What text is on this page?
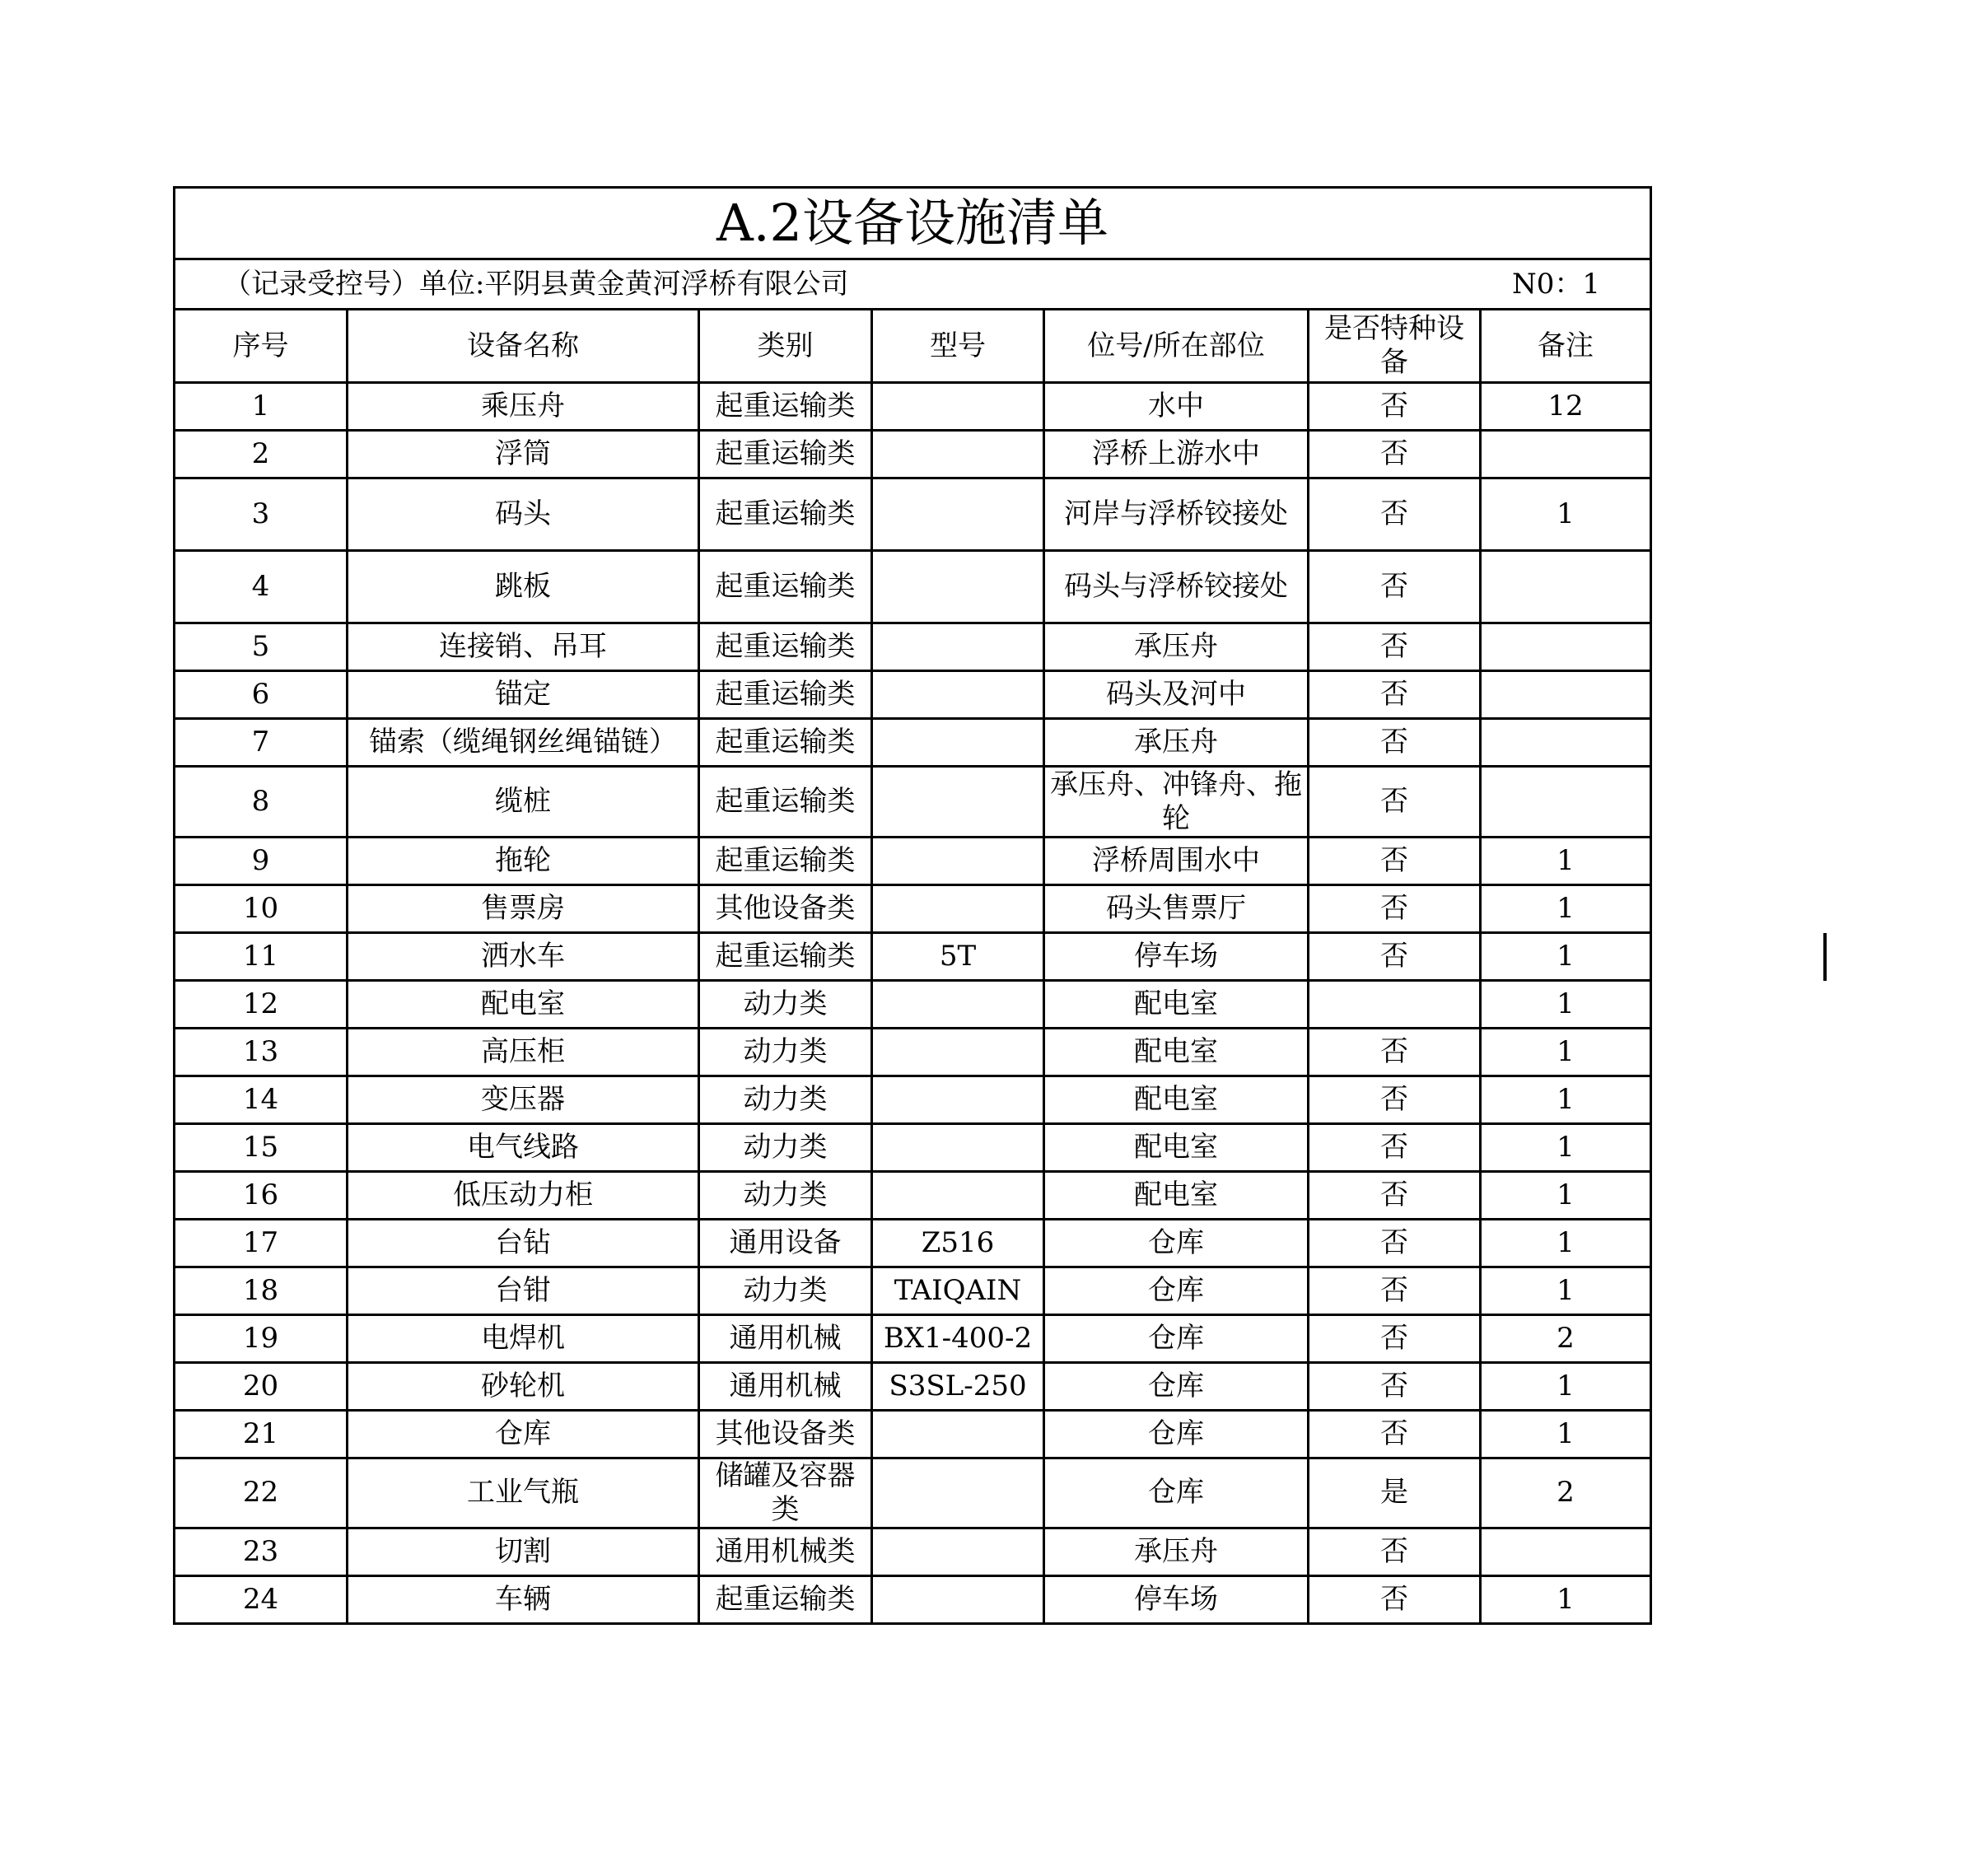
A.2设备设施清单						

（记录受控号）单位:平阴县黄金黄河浮桥有限公司 N0：1						

序号	设备名称	类别	型号	位号/所在部位	是否特种设备	备注
1	乘压舟	起重运输类		水中	否	12
2	浮筒	起重运输类		浮桥上游水中	否	
3	码头	起重运输类		河岸与浮桥铰接处	否	1
4	跳板	起重运输类		码头与浮桥铰接处	否	
5	连接销、吊耳	起重运输类		承压舟	否	
6	锚定	起重运输类		码头及河中	否	
7	锚索（缆绳钢丝绳锚链）	起重运输类		承压舟	否	
8	缆桩	起重运输类		承压舟、冲锋舟、拖轮	否	
9	拖轮	起重运输类		浮桥周围水中	否	1
10	售票房	其他设备类		码头售票厅	否	1
11	洒水车	起重运输类	5T	停车场	否	1
12	配电室	动力类		配电室		1
13	高压柜	动力类		配电室	否	1
14	变压器	动力类		配电室	否	1
15	电气线路	动力类		配电室	否	1
16	低压动力柜	动力类		配电室	否	1
17	台钻	通用设备	Z516	仓库	否	1
18	台钳	动力类	TAIQAIN	仓库	否	1
19	电焊机	通用机械	BX1-400-2	仓库	否	2
20	砂轮机	通用机械	S3SL-250	仓库	否	1
21	仓库	其他设备类		仓库	否	1
22	工业气瓶	储罐及容器类		仓库	是	2
23	切割	通用机械类		承压舟	否	
24	车辆	起重运输类		停车场	否	1
